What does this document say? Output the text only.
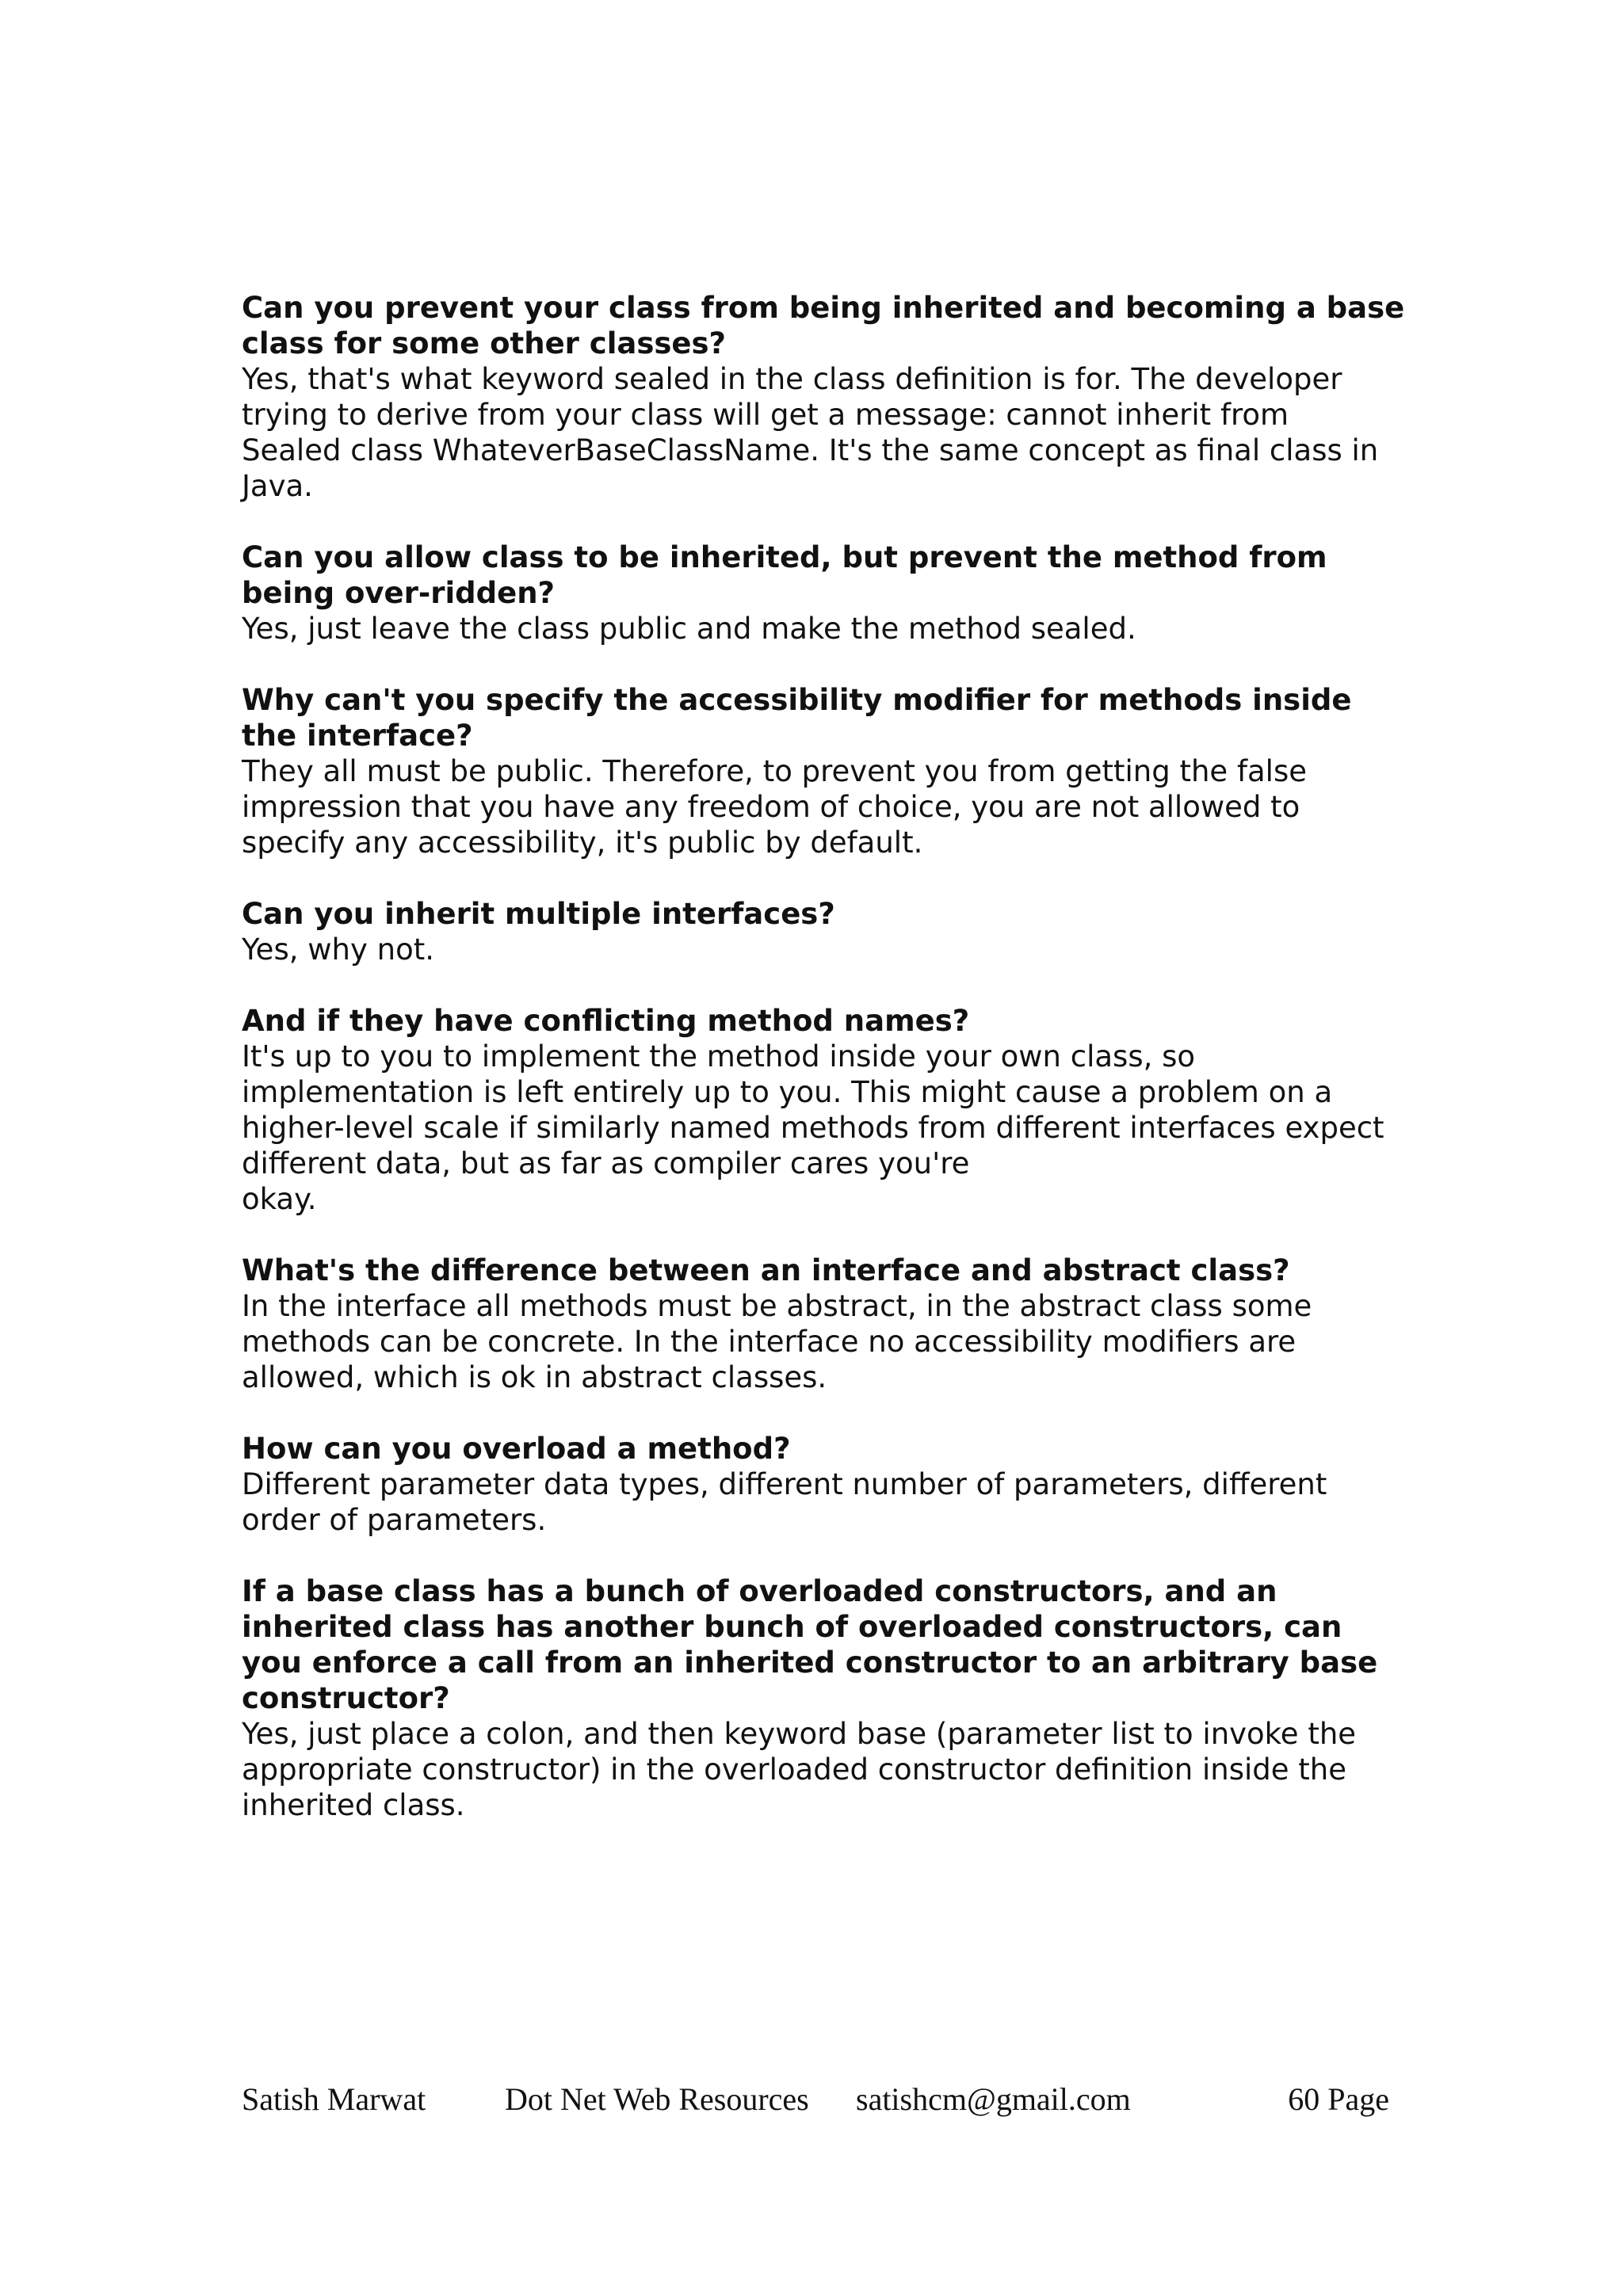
Can you prevent your class from being inherited and becoming a base class for some other classes?

Yes, that's what keyword sealed in the class definition is for. The developer
trying to derive from your class will get a message: cannot inherit from
Sealed class WhateverBaseClassName. It's the same concept as final class in
Java.

Can you allow class to be inherited, but prevent the method from being over-ridden?

Yes, just leave the class public and make the method sealed.

Why can't you specify the accessibility modifier for methods inside the interface?

They all must be public. Therefore, to prevent you from getting the false
impression that you have any freedom of choice, you are not allowed to
specify any accessibility, it's public by default.

Can you inherit multiple interfaces?

Yes, why not.

And if they have conflicting method names?

It's up to you to implement the method inside your own class, so
implementation is left entirely up to you. This might cause a problem on a
higher-level scale if similarly named methods from different interfaces expect
different data, but as far as compiler cares you're
okay.

What's the difference between an interface and abstract class?

In the interface all methods must be abstract, in the abstract class some
methods can be concrete. In the interface no accessibility modifiers are
allowed, which is ok in abstract classes.

How can you overload a method?

Different parameter data types, different number of parameters, different
order of parameters.

If a base class has a bunch of overloaded constructors, and an inherited class has another bunch of overloaded constructors, can you enforce a call from an inherited constructor to an arbitrary base constructor?

Yes, just place a colon, and then keyword base (parameter list to invoke the
appropriate constructor) in the overloaded constructor definition inside the
inherited class.

Satish Marwat Dot Net Web Resources satishcm@gmail.com	60 Page
